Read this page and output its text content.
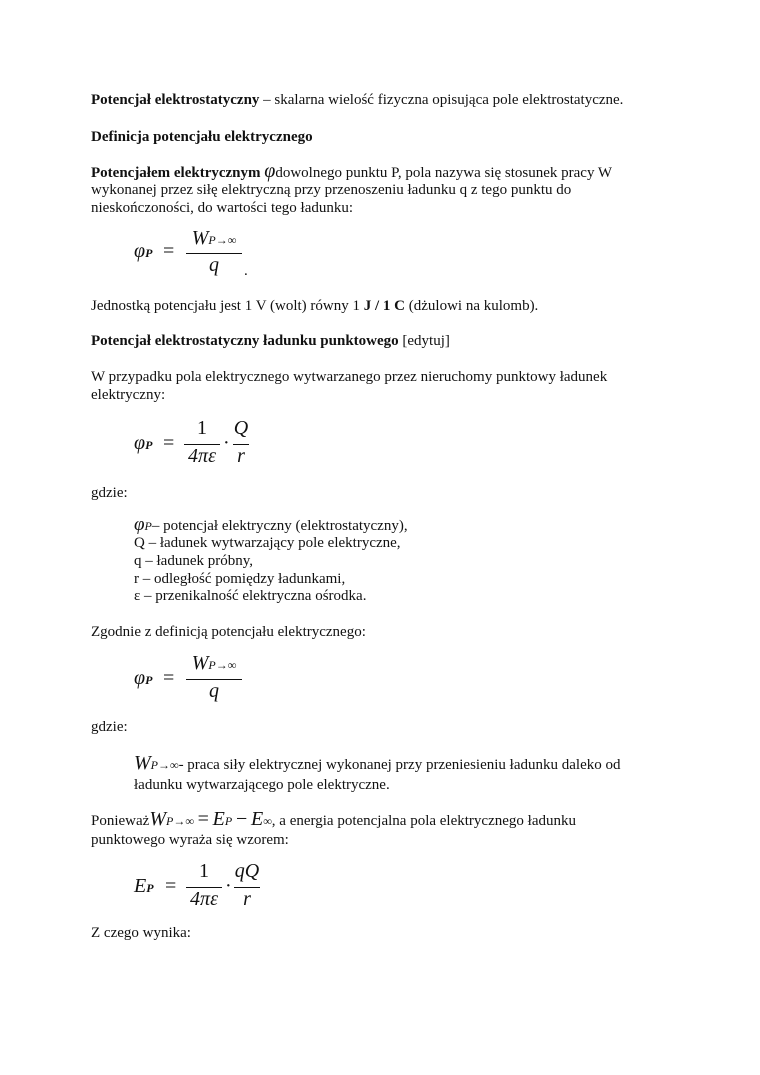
Potencjał elektrostatyczny – skalarna wielość fizyczna opisująca pole elektrostatyczne.
Definicja potencjału elektrycznego
Potencjałem elektrycznym φdowolnego punktu P, pola nazywa się stosunek pracy W
wykonanej przez siłę elektryczną przy przenoszeniu ładunku q z tego punktu do
nieskończoności, do wartości tego ładunku:
φP =
WP→∞
q	.
Jednostką potencjału jest 1 V (wolt) równy 1 J / 1 C (dżulowi na kulomb).
Potencjał elektrostatyczny ładunku punktowego [edytuj]
W przypadku pola elektrycznego wytwarzanego przez nieruchomy punktowy ładunek
elektryczny:
φP =
1
4πε
·
Q
r
gdzie:
φP– potencjał elektryczny (elektrostatyczny),
Q – ładunek wytwarzający pole elektryczne,
q – ładunek próbny,
r – odległość pomiędzy ładunkami,
ε – przenikalność elektryczna ośrodka.
Zgodnie z definicją potencjału elektrycznego:
φP =
WP→∞
q
gdzie:
WP→∞- praca siły elektrycznej wykonanej przy przeniesieniu ładunku daleko od
ładunku wytwarzającego pole elektryczne.
PonieważWP→∞ = EP − E∞, a energia potencjalna pola elektrycznego ładunku
punktowego wyraża się wzorem:
EP =
1
4πε
·
qQ
r
Z czego wynika:
